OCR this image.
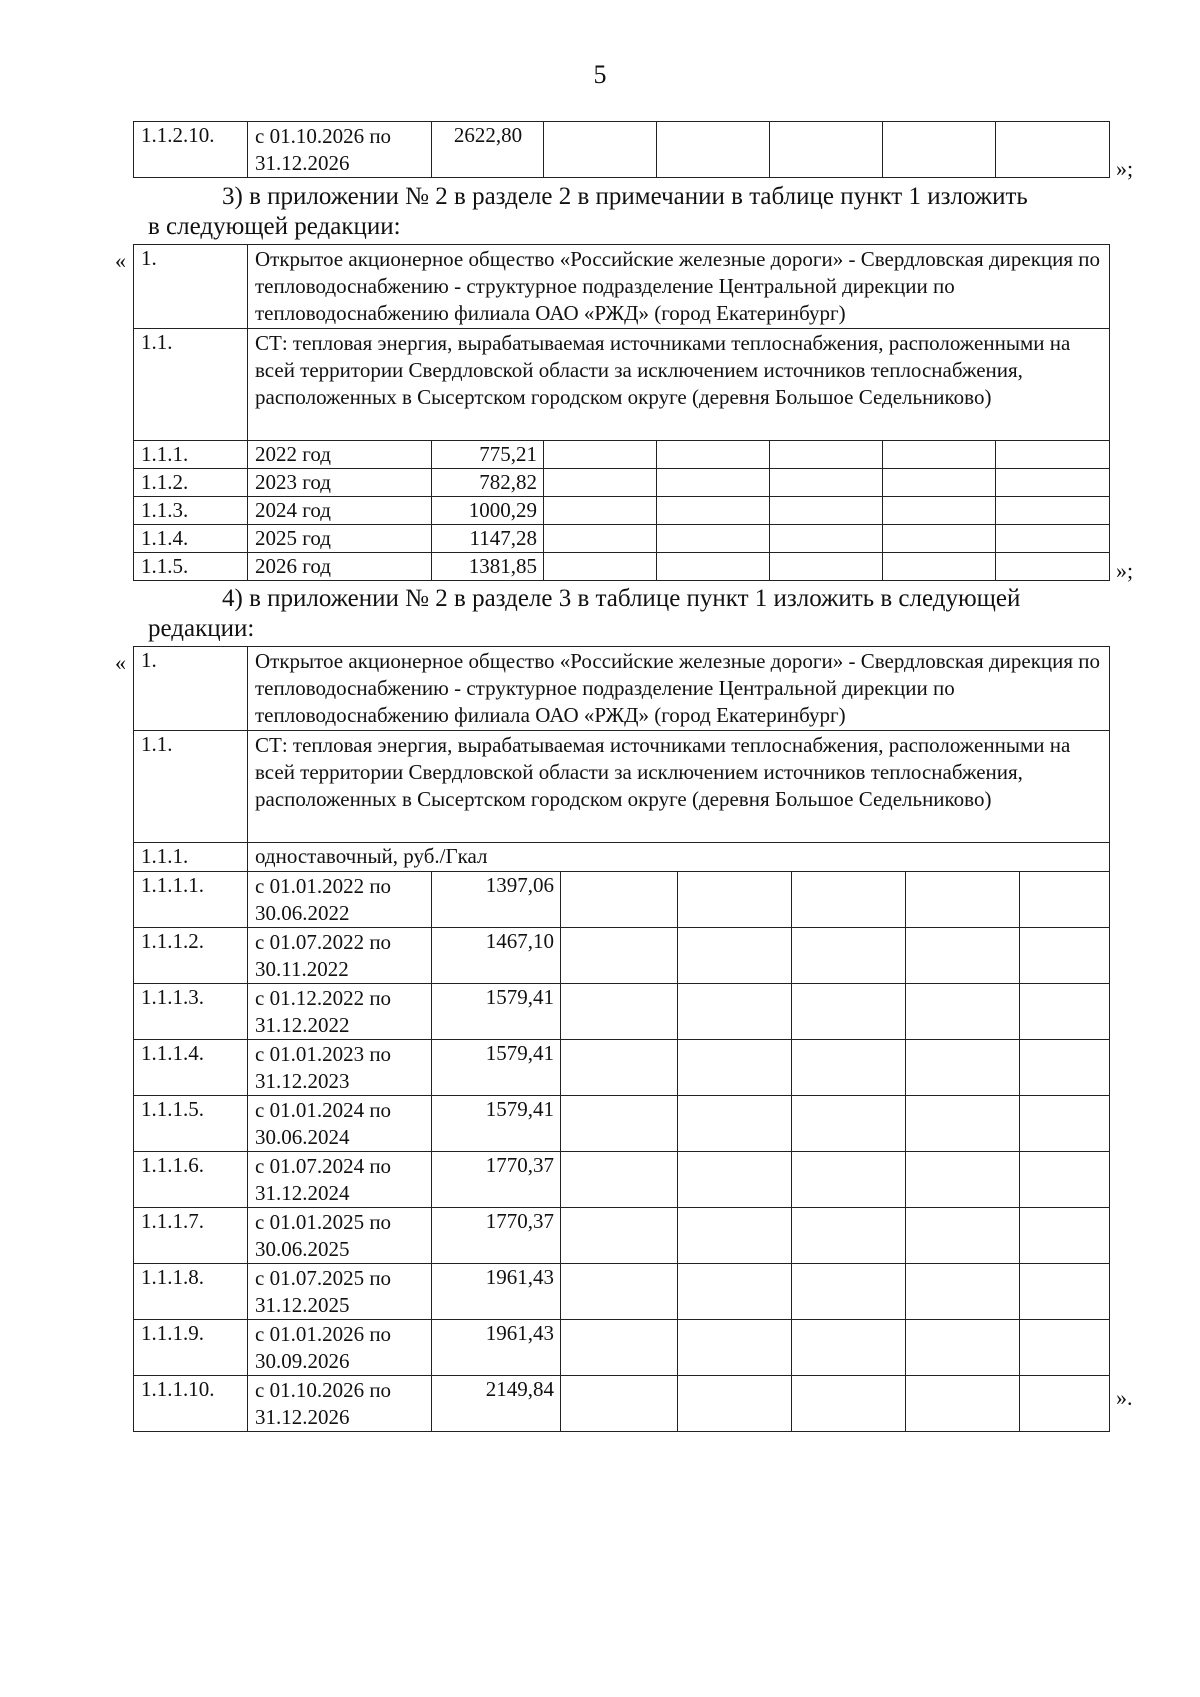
5
1.1.2.10.	с 01.10.2026 по 31.12.2026	2622,80					
»;
3) в приложении № 2 в разделе 2 в примечании в таблице пункт 1 изложить
в следующей редакции:
« 1.	Открытое акционерное общество «Российские железные дороги» - Свердловская дирекция по тепловодоснабжению - структурное подразделение Центральной дирекции по тепловодоснабжению филиала ОАО «РЖД» (город Екатеринбург)						
1.1.	СТ: тепловая энергия, вырабатываемая источниками теплоснабжения, расположенными на всей территории Свердловской области за исключением источников теплоснабжения, расположенных в Сысертском городском округе (деревня Большое Седельниково)						
1.1.1.	2022 год	775,21					
1.1.2.	2023 год	782,82					
1.1.3.	2024 год	1000,29					
1.1.4.	2025 год	1147,28					
1.1.5.	2026 год	1381,85						»;
4) в приложении № 2 в разделе 3 в таблице пункт 1 изложить в следующей
редакции:
« 1.	Открытое акционерное общество «Российские железные дороги» - Свердловская дирекция по тепловодоснабжению - структурное подразделение Центральной дирекции по тепловодоснабжению филиала ОАО «РЖД» (город Екатеринбург)						
1.1.	СТ: тепловая энергия, вырабатываемая источниками теплоснабжения, расположенными на всей территории Свердловской области за исключением источников теплоснабжения, расположенных в Сысертском городском округе (деревня Большое Седельниково)						
1.1.1.	одноставочный, руб./Гкал						
1.1.1.1.	с 01.01.2022 по 30.06.2022	1397,06					
1.1.1.2.	с 01.07.2022 по 30.11.2022	1467,10					
1.1.1.3.	с 01.12.2022 по 31.12.2022	1579,41					
1.1.1.4.	с 01.01.2023 по 31.12.2023	1579,41					
1.1.1.5.	с 01.01.2024 по 30.06.2024	1579,41					
1.1.1.6.	с 01.07.2024 по 31.12.2024	1770,37					
1.1.1.7.	с 01.01.2025 по 30.06.2025	1770,37					
1.1.1.8.	с 01.07.2025 по 31.12.2025	1961,43					
1.1.1.9.	с 01.01.2026 по 30.09.2026	1961,43					
1.1.1.10.	с 01.10.2026 по 31.12.2026	2149,84						».
